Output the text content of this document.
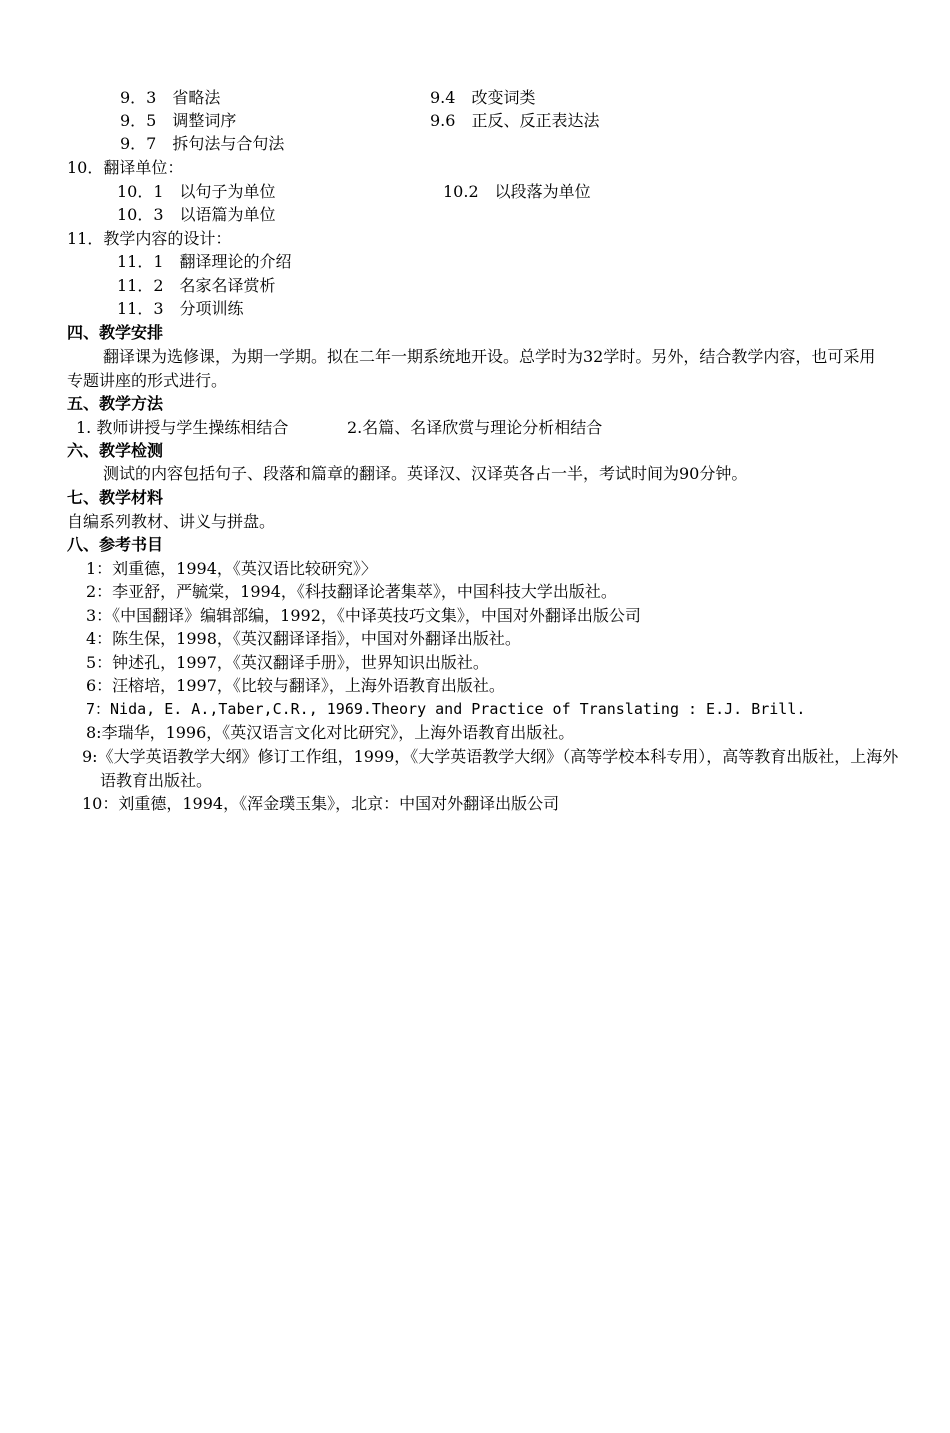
9．3　省略法	9.4　改变词类
9．5　调整词序	9.6　正反、反正表达法
9．7　拆句法与合句法
10．翻译单位：
10．1　以句子为单位	10.2　以段落为单位
10．3　以语篇为单位
11．教学内容的设计：
11．1　翻译理论的介绍
11．2　名家名译赏析
11．3　分项训练
四、教学安排
翻译课为选修课，为期一学期。拟在二年一期系统地开设。总学时为32学时。另外，结合教学内容，也可采用专题讲座的形式进行。
五、教学方法
1. 教师讲授与学生操练相结合	2.名篇、名译欣赏与理论分析相结合
六、教学检测
测试的内容包括句子、段落和篇章的翻译。英译汉、汉译英各占一半，考试时间为90分钟。
七、教学材料
自编系列教材、讲义与拼盘。
八、参考书目
1：刘重德，1994，《英汉语比较研究》〉
2：李亚舒，严毓棠，1994，《科技翻译论著集萃》，中国科技大学出版社。
3：《中国翻译》编辑部编，1992，《中译英技巧文集》，中国对外翻译出版公司
4：陈生保，1998，《英汉翻译译指》，中国对外翻译出版社。
5：钟述孔，1997，《英汉翻译手册》，世界知识出版社。
6：汪榕培，1997，《比较与翻译》，上海外语教育出版社。
7：Nida, E. A.,Taber,C.R., 1969.Theory and Practice of Translating : E.J. Brill.
8:李瑞华，1996，《英汉语言文化对比研究》，上海外语教育出版社。
9:《大学英语教学大纲》修订工作组，1999，《大学英语教学大纲》（高等学校本科专用），高等教育出版社，上海外语教育出版社。
10：刘重德，1994，《浑金璞玉集》，北京：中国对外翻译出版公司
